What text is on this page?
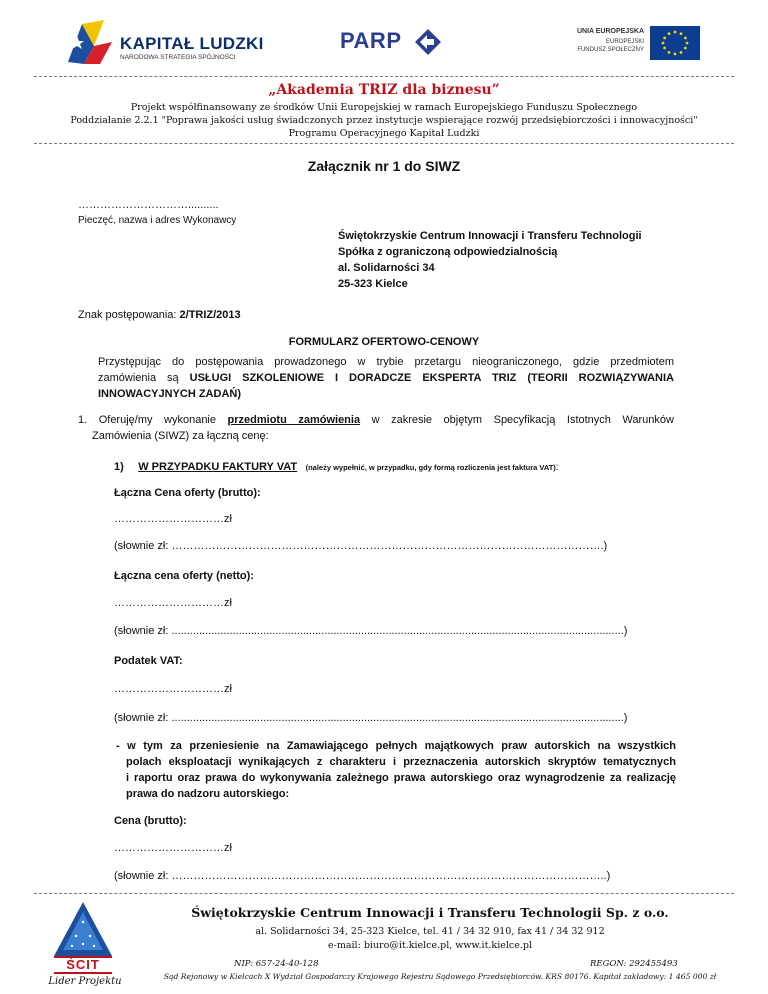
KAPITAŁ LUDZKI
NARODOWA STRATEGIA SPÓJNOŚCI
PARP	UNIA EUROPEJSKA
EUROPEJSKI
FUNDUSZ SPOŁECZNY
„Akademia TRIZ dla biznesu”
Projekt współfinansowany ze środków Unii Europejskiej w ramach Europejskiego Funduszu Społecznego
Poddziałanie 2.2.1 "Poprawa jakości usług świadczonych przez instytucje wspierające rozwój przedsiębiorczości i innowacyjności"
Programu Operacyjnego Kapitał Ludzki
Załącznik nr 1 do SIWZ
…………………………..........
Pieczęć, nazwa i adres Wykonawcy
Świętokrzyskie Centrum Innowacji i Transferu Technologii
Spółka z ograniczoną odpowiedzialnością
al. Solidarności 34
25-323 Kielce
Znak postępowania: 2/TRIZ/2013
FORMULARZ OFERTOWO-CENOWY
Przystępując do postępowania prowadzonego w trybie przetargu nieograniczonego, gdzie przedmiotem
zamówienia są USŁUGI SZKOLENIOWE I DORADCZE EKSPERTA TRIZ (TEORII ROZWIĄZYWANIA
INNOWACYJNYCH ZADAŃ)
1. Oferuję/my wykonanie przedmiotu zamówienia w zakresie objętym Specyfikacją Istotnych Warunków
Zamówienia (SIWZ) za łączną cenę:
1) W PRZYPADKU FAKTURY VAT (należy wypełnić, w przypadku, gdy formą rozliczenia jest faktura VAT):
Łączna Cena oferty (brutto):
…………………………zł
(słownie zł: ……………………………………………………………………………………………………….)
Łączna cena oferty (netto):
…………………………zł
(słownie zł: ....................................................................................................................................................)
Podatek VAT:
…………………………zł
(słownie zł: ....................................................................................................................................................)
- w tym za przeniesienie na Zamawiającego pełnych majątkowych praw autorskich na wszystkich
polach eksploatacji wynikających z charakteru i przeznaczenia autorskich skryptów tematycznych
i raportu oraz prawa do wykonywania zależnego prawa autorskiego oraz wynagrodzenie za realizację
prawa do nadzoru autorskiego:
Cena (brutto):
…………………………zł
(słownie zł: ………………………………………………………………………………………………………..)
ŚCIT
Lider Projektu
Świętokrzyskie Centrum Innowacji i Transferu Technologii Sp. z o.o.
al. Solidarności 34, 25-323 Kielce, tel. 41 / 34 32 910, fax 41 / 34 32 912
e-mail: biuro@it.kielce.pl, www.it.kielce.pl
NIP: 657-24-40-128	REGON: 292455493
Sąd Rejonowy w Kielcach X Wydział Gospodarczy Krajowego Rejestru Sądowego Przedsiębiorców. KRS 80176. Kapitał zakładowy: 1 465 000 zł
